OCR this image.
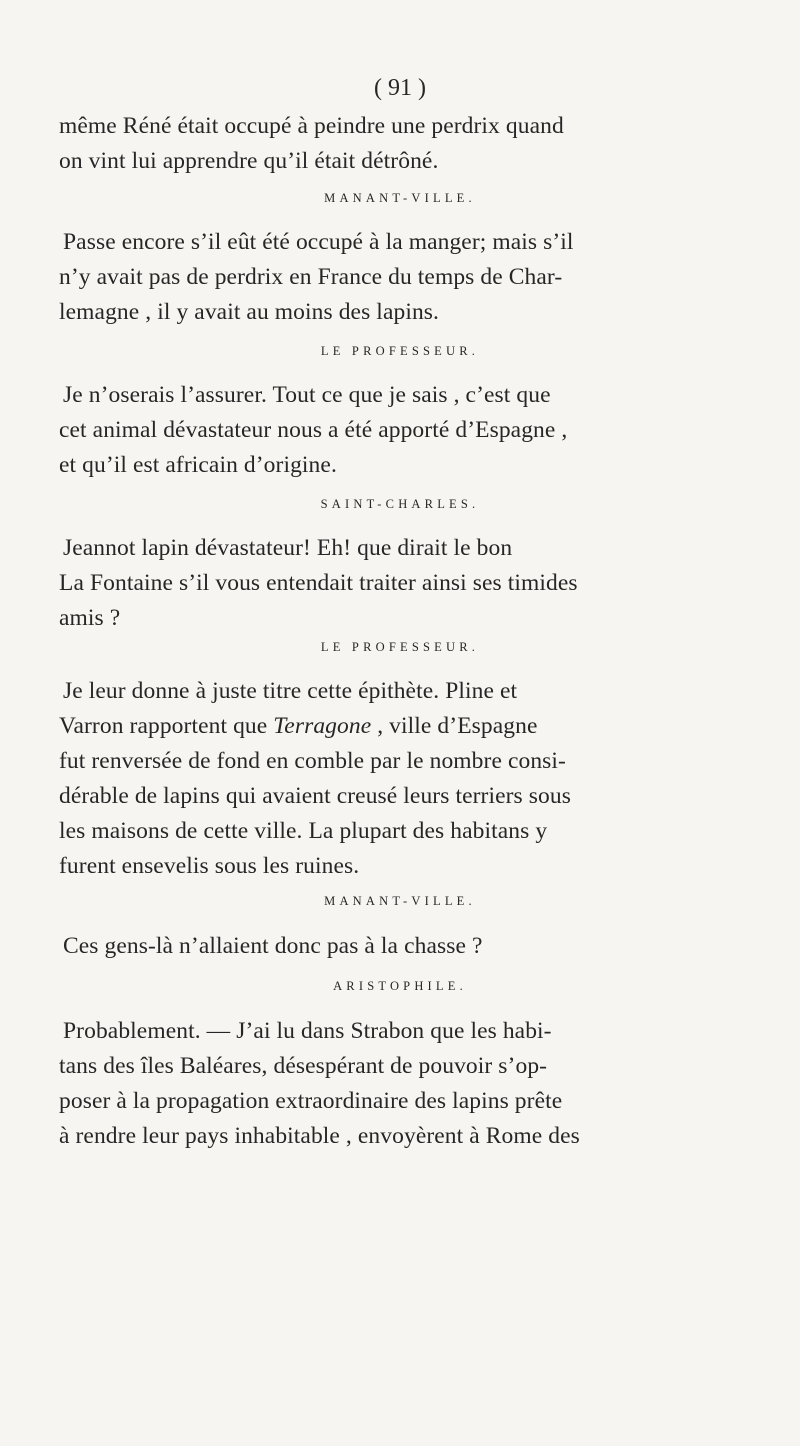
( 91 )
même Réné était occupé à peindre une perdrix quand
on vint lui apprendre qu’il était détrôné.
MANANT-VILLE.
Passe encore s’il eût été occupé à la manger; mais s’il
n’y avait pas de perdrix en France du temps de Char-
lemagne , il y avait au moins des lapins.
LE PROFESSEUR.
Je n’oserais l’assurer. Tout ce que je sais , c’est que
cet animal dévastateur nous a été apporté d’Espagne ,
et qu’il est africain d’origine.
SAINT-CHARLES.
Jeannot lapin dévastateur! Eh! que dirait le bon
La Fontaine s’il vous entendait traiter ainsi ses timides
amis ?
LE PROFESSEUR.
Je leur donne à juste titre cette épithète. Pline et
Varron rapportent que Terragone , ville d’Espagne
fut renversée de fond en comble par le nombre consi-
dérable de lapins qui avaient creusé leurs terriers sous
les maisons de cette ville. La plupart des habitans y
furent ensevelis sous les ruines.
MANANT-VILLE.
Ces gens-là n’allaient donc pas à la chasse ?
ARISTOPHILE.
Probablement. — J’ai lu dans Strabon que les habi-
tans des îles Baléares, désespérant de pouvoir s’op-
poser à la propagation extraordinaire des lapins prête
à rendre leur pays inhabitable , envoyèrent à Rome des
